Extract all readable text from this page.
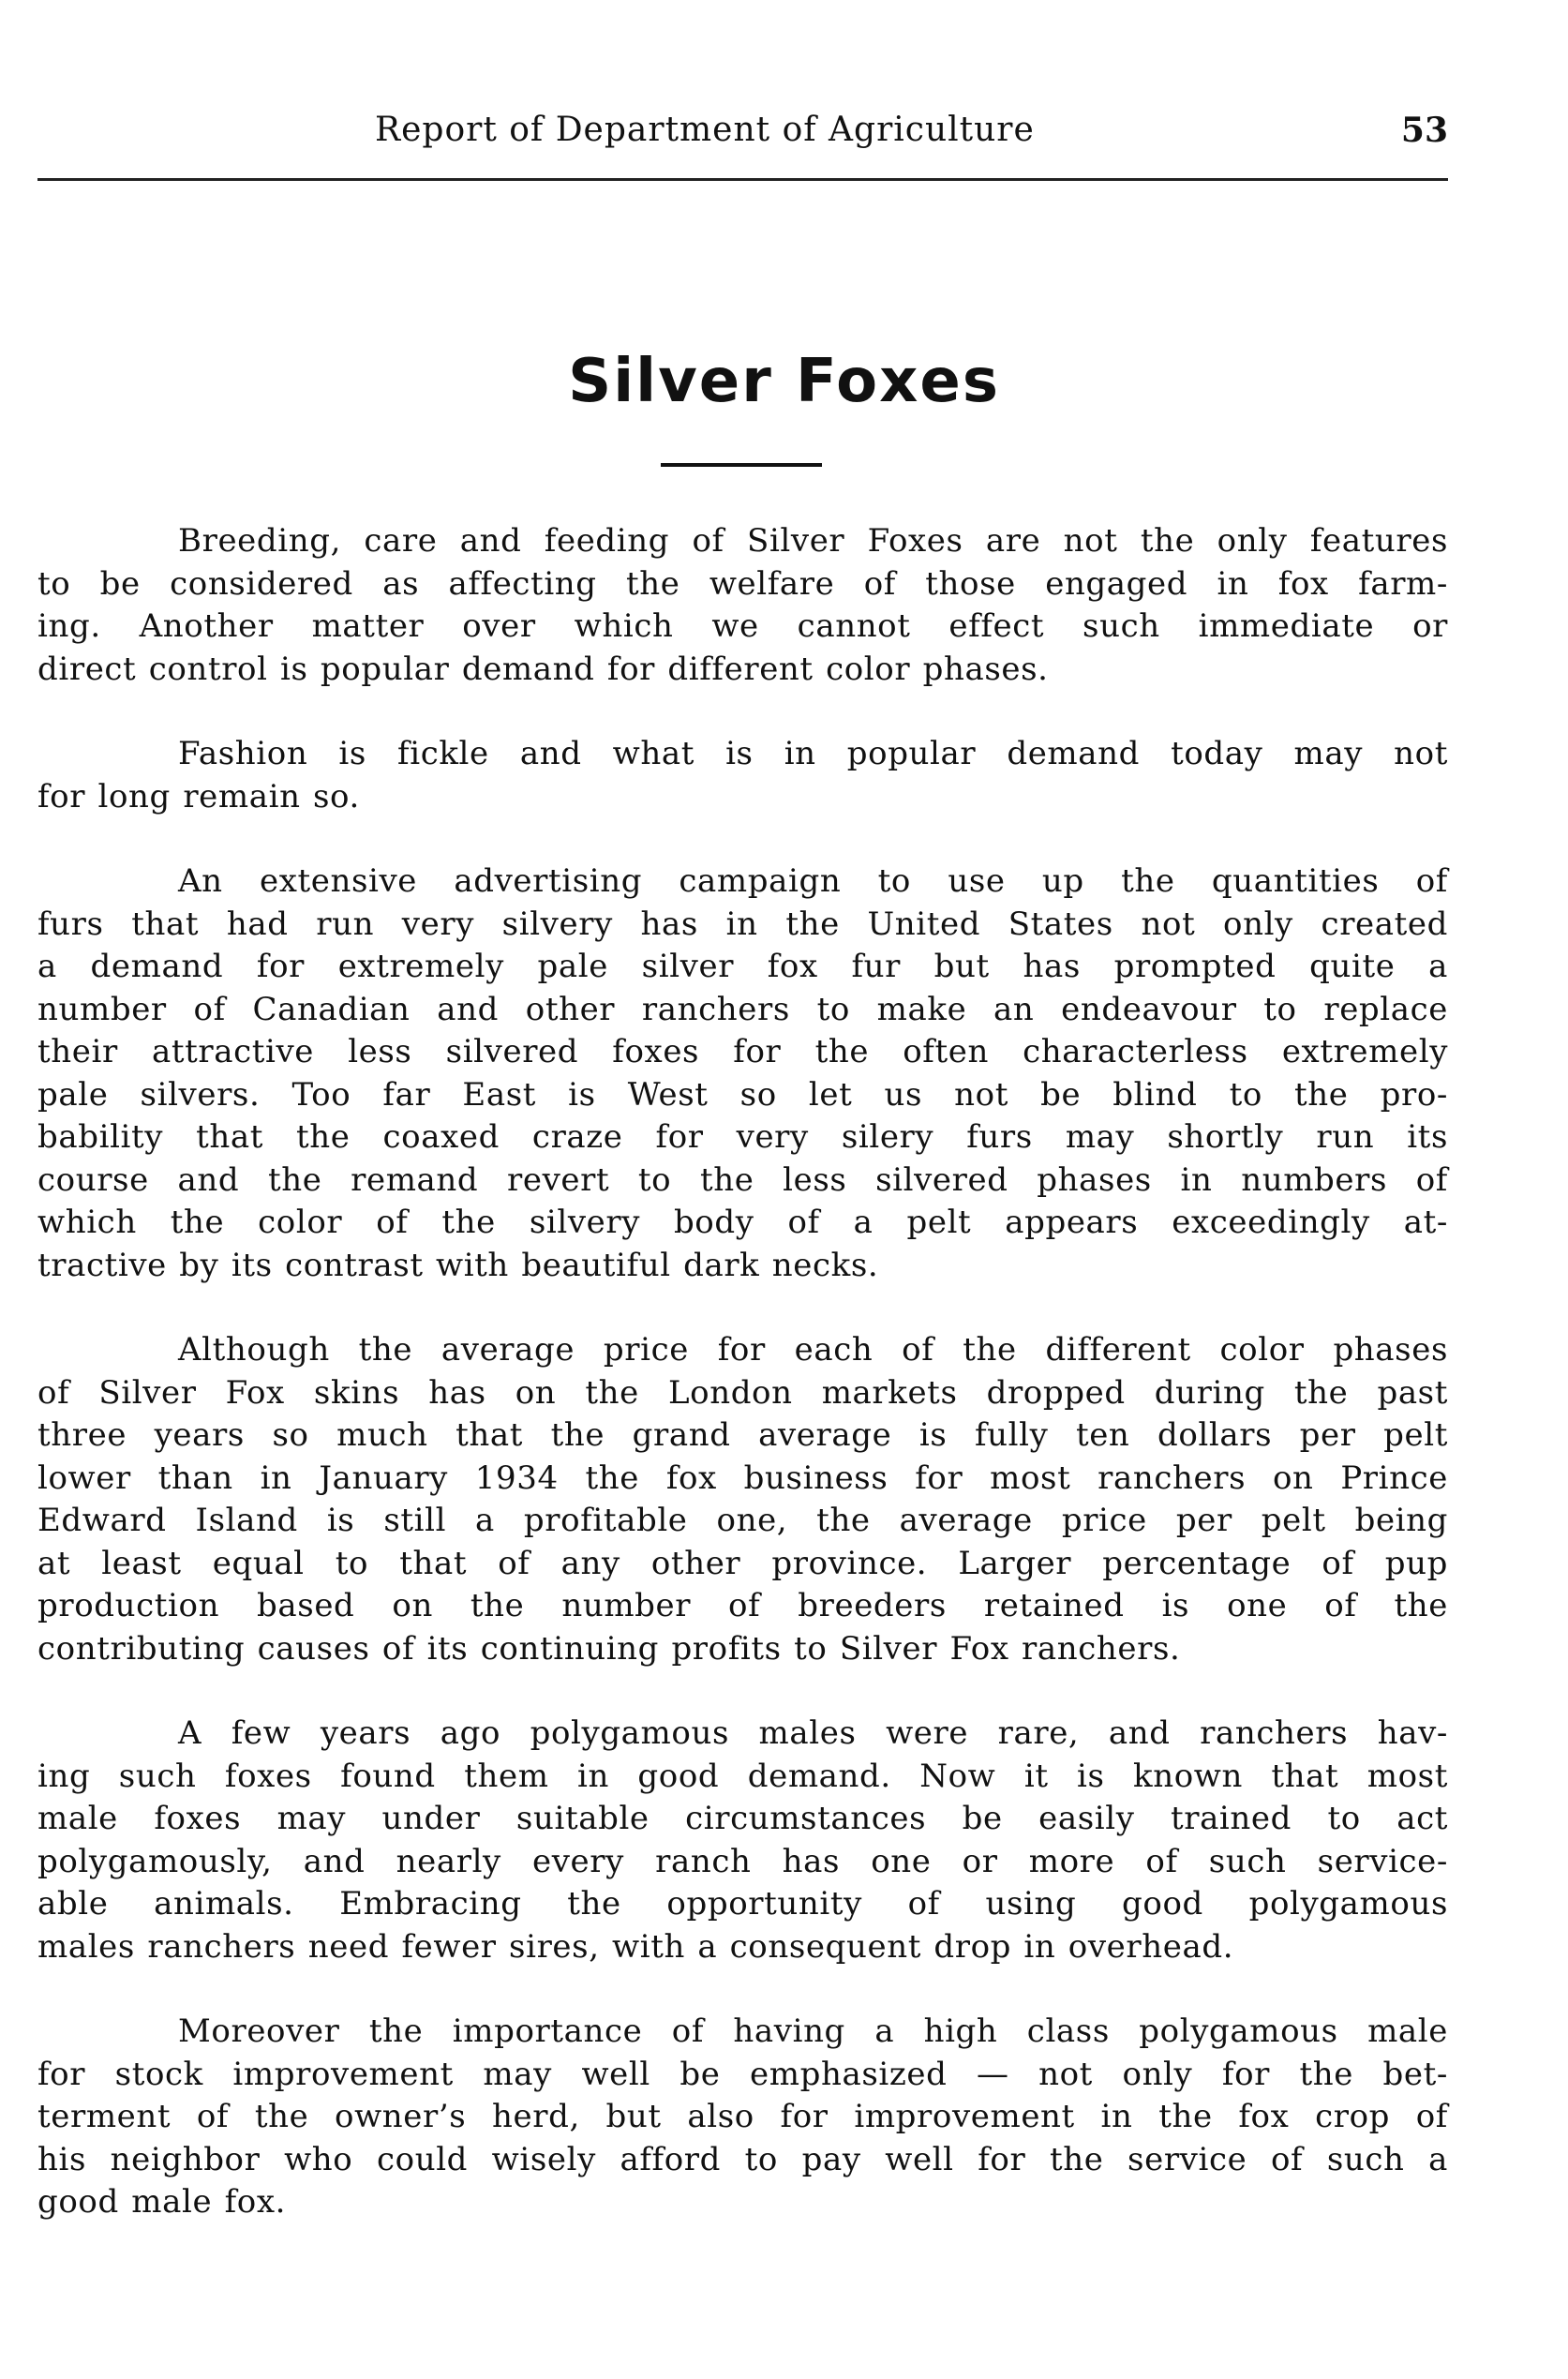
Report of Department of Agriculture	53
Silver Foxes
Breeding, care and feeding of Silver Foxes are not the only features
to be considered as affecting the welfare of those engaged in fox farm-
ing. Another matter over which we cannot effect such immediate or
direct control is popular demand for different color phases.
Fashion is fickle and what is in popular demand today may not
for long remain so.
An extensive advertising campaign to use up the quantities of
furs that had run very silvery has in the United States not only created
a demand for extremely pale silver fox fur but has prompted quite a
number of Canadian and other ranchers to make an endeavour to replace
their attractive less silvered foxes for the often characterless extremely
pale silvers. Too far East is West so let us not be blind to the pro-
bability that the coaxed craze for very silery furs may shortly run its
course and the remand revert to the less silvered phases in numbers of
which the color of the silvery body of a pelt appears exceedingly at-
tractive by its contrast with beautiful dark necks.
Although the average price for each of the different color phases
of Silver Fox skins has on the London markets dropped during the past
three years so much that the grand average is fully ten dollars per pelt
lower than in January 1934 the fox business for most ranchers on Prince
Edward Island is still a profitable one, the average price per pelt being
at least equal to that of any other province. Larger percentage of pup
production based on the number of breeders retained is one of the
contributing causes of its continuing profits to Silver Fox ranchers.
A few years ago polygamous males were rare, and ranchers hav-
ing such foxes found them in good demand. Now it is known that most
male foxes may under suitable circumstances be easily trained to act
polygamously, and nearly every ranch has one or more of such service-
able animals. Embracing the opportunity of using good polygamous
males ranchers need fewer sires, with a consequent drop in overhead.
Moreover the importance of having a high class polygamous male
for stock improvement may well be emphasized — not only for the bet-
terment of the owner’s herd, but also for improvement in the fox crop of
his neighbor who could wisely afford to pay well for the service of such a
good male fox.
